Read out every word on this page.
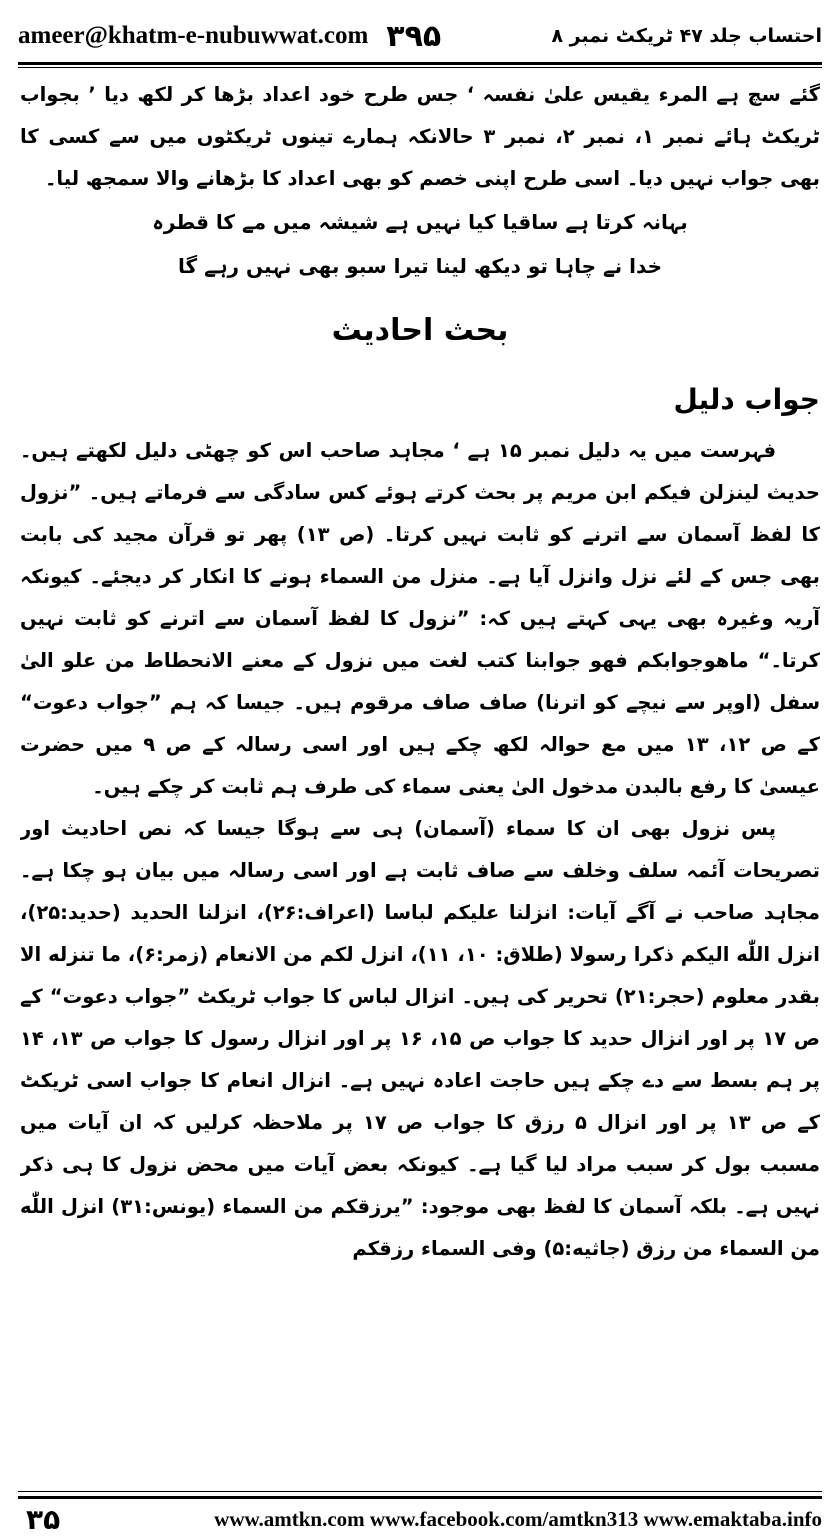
ameer@khatm-e-nubuwwat.com ۳۹۵	احتساب جلد ۴۷ ٹریکٹ نمبر ۸

گئے سچ ہے المرء یقیس علیٰ نفسہ ‘ جس طرح خود اعداد بڑھا کر لکھ دیا ’ بجواب ٹریکٹ ہائے نمبر ۱، نمبر ۲، نمبر ۳ حالانکہ ہمارے تینوں ٹریکٹوں میں سے کسی کا بھی جواب نہیں دیا۔ اسی طرح اپنی خصم کو بھی اعداد کا بڑھانے والا سمجھ لیا۔

بہانہ کرتا ہے ساقیا کیا نہیں ہے شیشہ میں مے کا قطرہ
خدا نے چاہا تو دیکھ لینا تیرا سبو بھی نہیں رہے گا
بحث احادیث

جواب دلیل

فہرست میں یہ دلیل نمبر ۱۵ ہے ‘ مجاہد صاحب اس کو چھٹی دلیل لکھتے ہیں۔ حدیث لینزلن فیکم ابن مریم پر بحث کرتے ہوئے کس سادگی سے فرماتے ہیں۔ ”نزول کا لفظ آسمان سے اترنے کو ثابت نہیں کرتا۔ (ص ۱۳) پھر تو قرآن مجید کی بابت بھی جس کے لئے نزل وانزل آیا ہے۔ منزل من السماء ہونے کا انکار کر دیجئے۔ کیونکہ آریہ وغیرہ بھی یہی کہتے ہیں کہ: ”نزول کا لفظ آسمان سے اترنے کو ثابت نہیں کرتا۔“ ماهوجوابکم فهو جوابنا کتب لغت میں نزول کے معنے الانحطاط من علو الیٰ سفل (اوپر سے نیچے کو اترنا) صاف صاف مرقوم ہیں۔ جیسا کہ ہم ”جواب دعوت“ کے ص ۱۲، ۱۳ میں مع حوالہ لکھ چکے ہیں اور اسی رسالہ کے ص ۹ میں حضرت عیسیٰ کا رفع بالبدن مدخول الیٰ یعنی سماء کی طرف ہم ثابت کر چکے ہیں۔

پس نزول بھی ان کا سماء (آسمان) ہی سے ہوگا جیسا کہ نص احادیث اور تصریحات آئمہ سلف وخلف سے صاف ثابت ہے اور اسی رسالہ میں بیان ہو چکا ہے۔ مجاہد صاحب نے آگے آیات: انزلنا علیکم لباسا (اعراف:۲۶)، انزلنا الحدید (حدید:۲۵)، انزل اللّٰه الیکم ذکرا رسولا (طلاق: ۱۰، ۱۱)، انزل لکم من الانعام (زمر:۶)، ما تنزله الا بقدر معلوم (حجر:۲۱) تحریر کی ہیں۔ انزال لباس کا جواب ٹریکٹ ”جواب دعوت“ کے ص ۱۷ پر اور انزال حدید کا جواب ص ۱۵، ۱۶ پر اور انزال رسول کا جواب ص ۱۳، ۱۴ پر ہم بسط سے دے چکے ہیں حاجت اعادہ نہیں ہے۔ انزال انعام کا جواب اسی ٹریکٹ کے ص ۱۳ پر اور انزال ۵ رزق کا جواب ص ۱۷ پر ملاحظہ کرلیں کہ ان آیات میں مسبب بول کر سبب مراد لیا گیا ہے۔ کیونکہ بعض آیات میں محض نزول کا ہی ذکر نہیں ہے۔ بلکہ آسمان کا لفظ بھی موجود: ”یرزقکم من السماء (یونس:۳۱) انزل اللّٰه من السماء من رزق (جاثیه:۵) وفی السماء رزقکم

۳۵	www.amtkn.com www.facebook.com/amtkn313 www.emaktaba.info
